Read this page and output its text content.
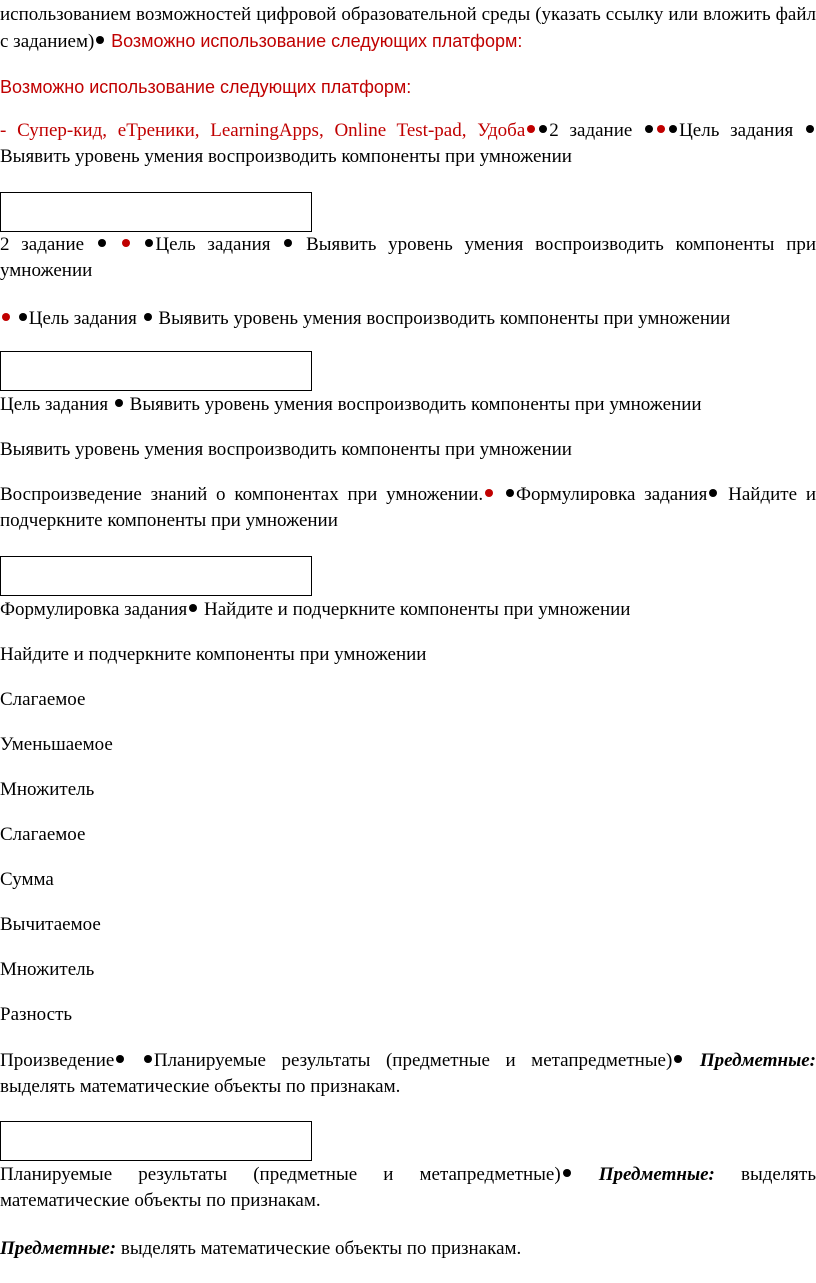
использованием возможностей цифровой образовательной среды (указать ссылку или вложить файл с заданием) Возможно использование следующих платформ:

Возможно использование следующих платформ:

- Супер-кид, еТреники, LearningApps, Online Test-pad, Удоба 2 задание Цель задания  Выявить уровень умения воспроизводить компоненты при умножении

2 задание	Цель задания Выявить уровень умения воспроизводить компоненты при умножении

Цель задания Выявить уровень умения воспроизводить компоненты при умножении

Цель задания Выявить уровень умения воспроизводить компоненты при умножении

Выявить уровень умения воспроизводить компоненты при умножении

Воспроизведение знаний о компонентах при умножении. Формулировка задания Найдите и подчеркните компоненты при умножении

Формулировка задания Найдите и подчеркните компоненты при умножении

Найдите и подчеркните компоненты при умножении

Слагаемое

Уменьшаемое

Множитель

Слагаемое

Сумма

Вычитаемое

Множитель

Разность

Произведение Планируемые результаты (предметные и метапредметные) Предметные: выделять математические объекты по признакам.

Планируемые результаты (предметные и метапредметные) Предметные: выделять математические объекты по признакам.

Предметные: выделять математические объекты по признакам.
